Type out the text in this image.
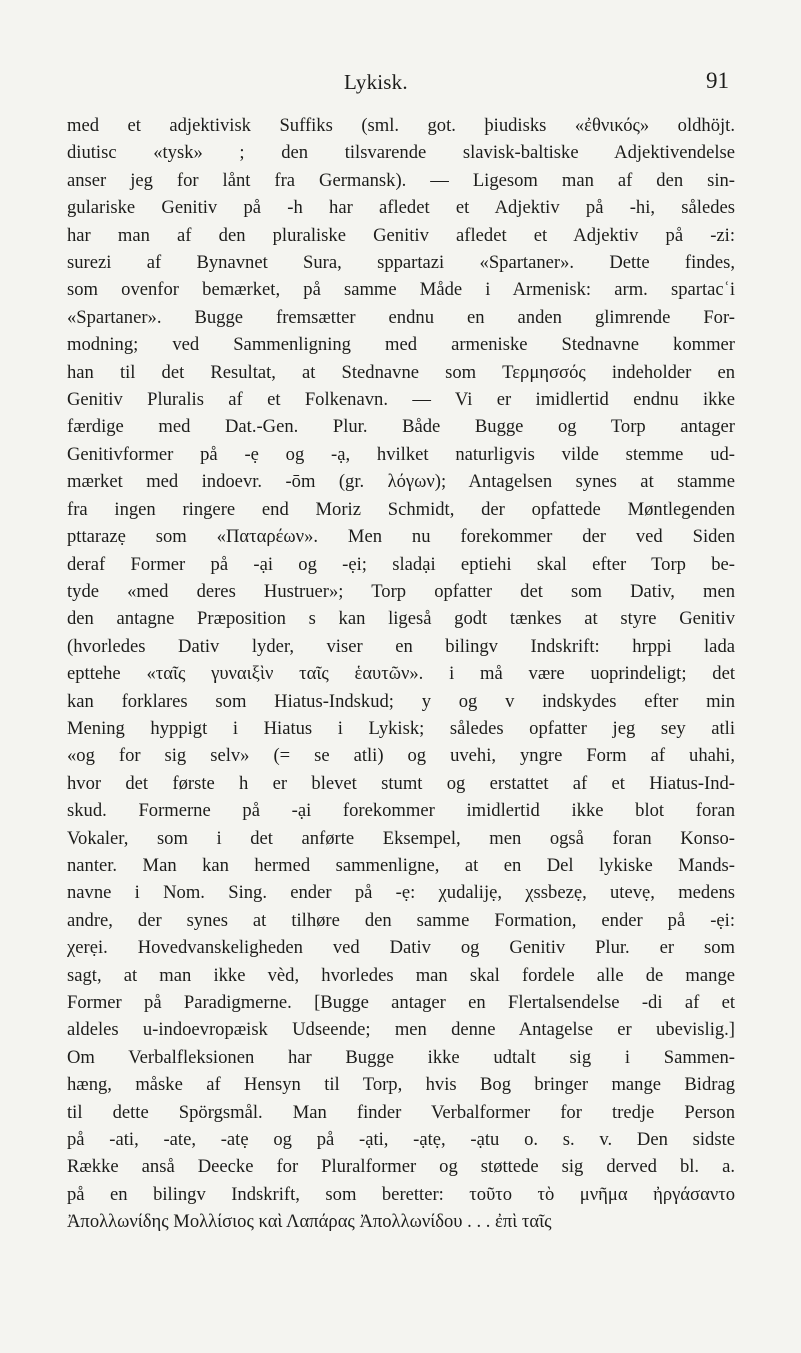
Lykisk.	91
med et adjektivisk Suffiks (sml. got. þiudisks «ἐθνικός» oldhöjt.
diutisc «tysk» ; den tilsvarende slavisk-baltiske Adjektivendelse
anser jeg for lånt fra Germansk). — Ligesom man af den sin-
gulariske Genitiv på -h har afledet et Adjektiv på -hi, således
har man af den pluraliske Genitiv afledet et Adjektiv på -zi:
surezi af Bynavnet Sura, sppartazi «Spartaner». Dette findes,
som ovenfor bemærket, på samme Måde i Armenisk: arm. spartacʿi
«Spartaner». Bugge fremsætter endnu en anden glimrende For-
modning; ved Sammenligning med armeniske Stednavne kommer
han til det Resultat, at Stednavne som Τερμησσός indeholder en
Genitiv Pluralis af et Folkenavn. — Vi er imidlertid endnu ikke
færdige med Dat.-Gen. Plur. Både Bugge og Torp antager
Genitivformer på -ẹ og -ạ, hvilket naturligvis vilde stemme ud-
mærket med indoevr. -ōm (gr. λόγων); Antagelsen synes at stamme
fra ingen ringere end Moriz Schmidt, der opfattede Møntlegenden
pttarazẹ som «Παταρέων». Men nu forekommer der ved Siden
deraf Former på -ại og -ẹi; sladại eptiehi skal efter Torp be-
tyde «med deres Hustruer»; Torp opfatter det som Dativ, men
den antagne Præposition s kan ligeså godt tænkes at styre Genitiv
(hvorledes Dativ lyder, viser en bilingv Indskrift: hrppi lada
epttehe «ταῖς γυναιξὶν ταῖς ἑαυτῶν». i må være uoprindeligt; det
kan forklares som Hiatus-Indskud; y og v indskydes efter min
Mening hyppigt i Hiatus i Lykisk; således opfatter jeg sey atli
«og for sig selv» (= se atli) og uvehi, yngre Form af uhahi,
hvor det første h er blevet stumt og erstattet af et Hiatus-Ind-
skud. Formerne på -ại forekommer imidlertid ikke blot foran
Vokaler, som i det anførte Eksempel, men også foran Konso-
nanter. Man kan hermed sammenligne, at en Del lykiske Mands-
navne i Nom. Sing. ender på -ẹ: χudalijẹ, χssbezẹ, utevẹ, medens
andre, der synes at tilhøre den samme Formation, ender på -ẹi:
χerẹi. Hovedvanskeligheden ved Dativ og Genitiv Plur. er som
sagt, at man ikke vèd, hvorledes man skal fordele alle de mange
Former på Paradigmerne. [Bugge antager en Flertalsendelse -di af et
aldeles u-indoevropæisk Udseende; men denne Antagelse er ubevislig.]
Om Verbalfleksionen har Bugge ikke udtalt sig i Sammen-
hæng, måske af Hensyn til Torp, hvis Bog bringer mange Bidrag
til dette Spörgsmål. Man finder Verbalformer for tredje Person
på -ati, -ate, -atẹ og på -ạti, -ạtẹ, -ạtu o. s. v. Den sidste
Række anså Deecke for Pluralformer og støttede sig derved bl. a.
på en bilingv Indskrift, som beretter: τοῦτο τὸ μνῆμα ἠργάσαντο
Ἀπολλωνίδης Μολλίσιος καὶ Λαπάρας Ἀπολλωνίδου . . . ἐπὶ ταῖς
